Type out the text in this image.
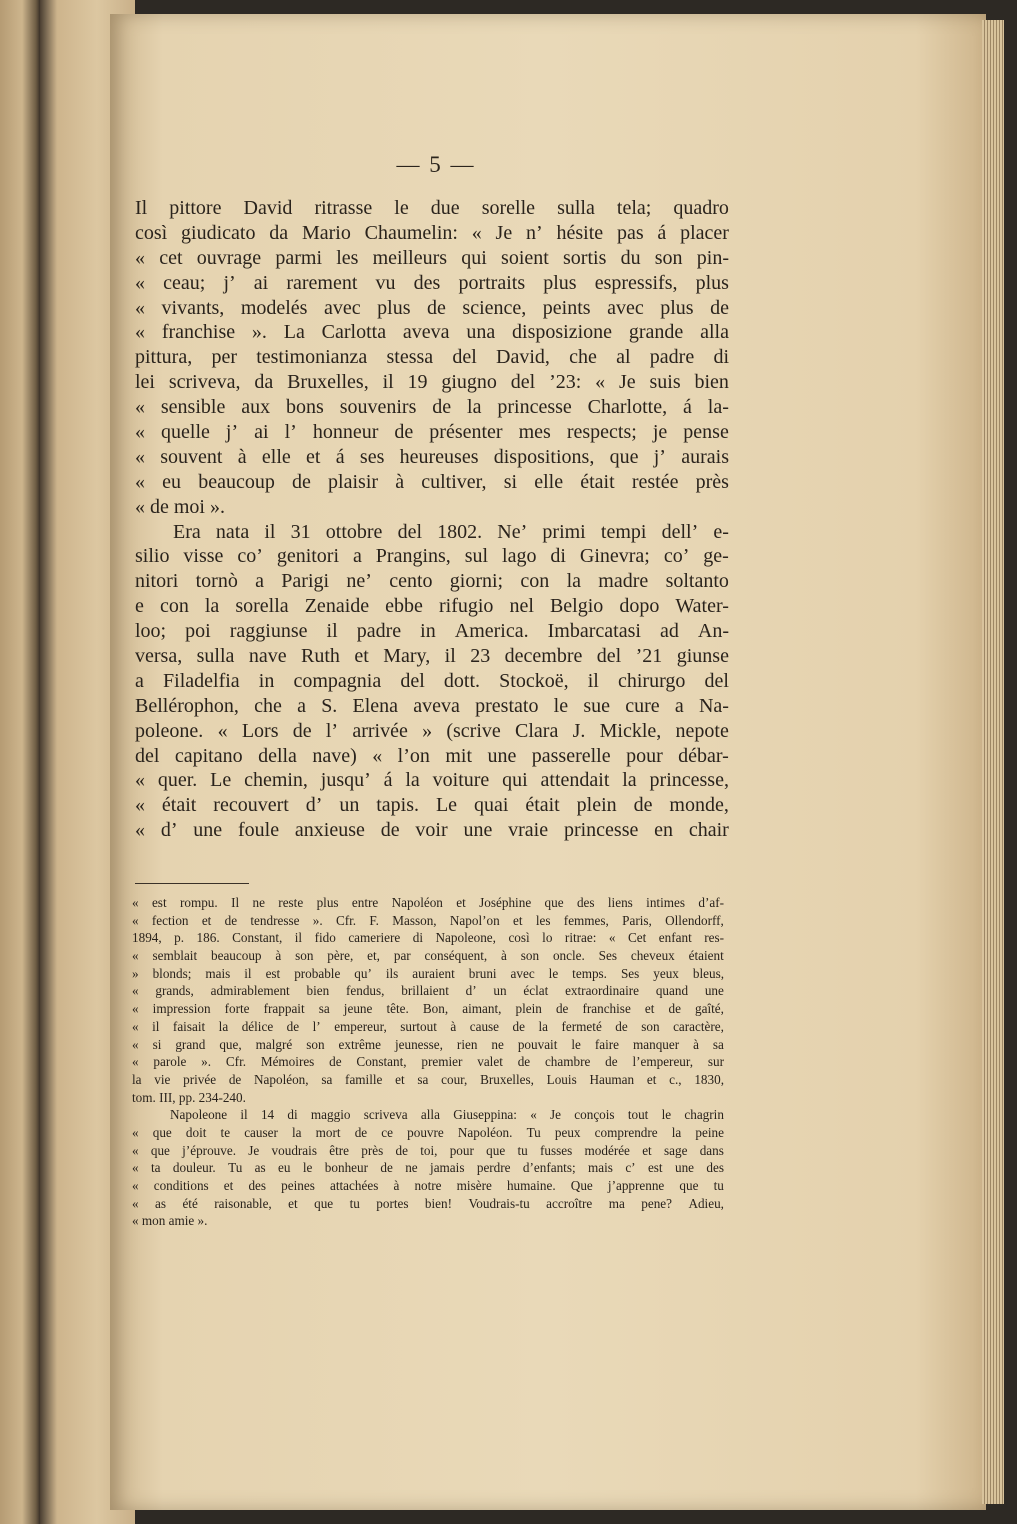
— 5 —
Il pittore David ritrasse le due sorelle sulla tela; quadro
così giudicato da Mario Chaumelin: « Je n’ hésite pas á placer
« cet ouvrage parmi les meilleurs qui soient sortis du son pin-
« ceau; j’ ai rarement vu des portraits plus espressifs, plus
« vivants, modelés avec plus de science, peints avec plus de
« franchise ». La Carlotta aveva una disposizione grande alla
pittura, per testimonianza stessa del David, che al padre di
lei scriveva, da Bruxelles, il 19 giugno del ’23: « Je suis bien
« sensible aux bons souvenirs de la princesse Charlotte, á la-
« quelle j’ ai l’ honneur de présenter mes respects; je pense
« souvent à elle et á ses heureuses dispositions, que j’ aurais
« eu beaucoup de plaisir à cultiver, si elle était restée près
« de moi ».
Era nata il 31 ottobre del 1802. Ne’ primi tempi dell’ e-
silio visse co’ genitori a Prangins, sul lago di Ginevra; co’ ge-
nitori tornò a Parigi ne’ cento giorni; con la madre soltanto
e con la sorella Zenaide ebbe rifugio nel Belgio dopo Water-
loo; poi raggiunse il padre in America. Imbarcatasi ad An-
versa, sulla nave Ruth et Mary, il 23 decembre del ’21 giunse
a Filadelfia in compagnia del dott. Stockoë, il chirurgo del
Bellérophon, che a S. Elena aveva prestato le sue cure a Na-
poleone. « Lors de l’ arrivée » (scrive Clara J. Mickle, nepote
del capitano della nave) « l’on mit une passerelle pour débar-
« quer. Le chemin, jusqu’ á la voiture qui attendait la princesse,
« était recouvert d’ un tapis. Le quai était plein de monde,
« d’ une foule anxieuse de voir une vraie princesse en chair
« est rompu. Il ne reste plus entre Napoléon et Joséphine que des liens intimes d’af-
« fection et de tendresse ». Cfr. F. Masson, Napol’on et les femmes, Paris, Ollendorff,
1894, p. 186. Constant, il fido cameriere di Napoleone, così lo ritrae: « Cet enfant res-
« semblait beaucoup à son père, et, par conséquent, à son oncle. Ses cheveux étaient
» blonds; mais il est probable qu’ ils auraient bruni avec le temps. Ses yeux bleus,
« grands, admirablement bien fendus, brillaient d’ un éclat extraordinaire quand une
« impression forte frappait sa jeune tête. Bon, aimant, plein de franchise et de gaîté,
« il faisait la délice de l’ empereur, surtout à cause de la fermeté de son caractère,
« si grand que, malgré son extrême jeunesse, rien ne pouvait le faire manquer à sa
« parole ». Cfr. Mémoires de Constant, premier valet de chambre de l’empereur, sur
la vie privée de Napoléon, sa famille et sa cour, Bruxelles, Louis Hauman et c., 1830,
tom. III, pp. 234-240.
Napoleone il 14 di maggio scriveva alla Giuseppina: « Je conçois tout le chagrin
« que doit te causer la mort de ce pouvre Napoléon. Tu peux comprendre la peine
« que j’éprouve. Je voudrais être près de toi, pour que tu fusses modérée et sage dans
« ta douleur. Tu as eu le bonheur de ne jamais perdre d’enfants; mais c’ est une des
« conditions et des peines attachées à notre misère humaine. Que j’apprenne que tu
« as été raisonable, et que tu portes bien! Voudrais-tu accroître ma pene? Adieu,
« mon amie ».
